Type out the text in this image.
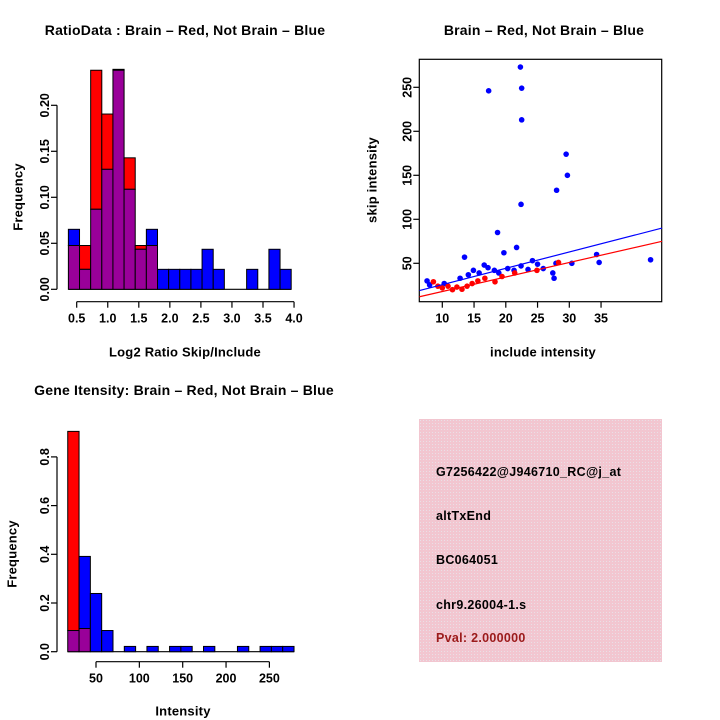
0.5 1.0 1.5 2.0 2.5 3.0 3.5 4.0
0.00
0.05
0.10
0.15
0.20
10 15 20 25 30 35
50
100
150
200
250
50 100 150 200 250
0.0
0.2
0.4
0.6
0.8
RatioData : Brain – Red, Not Brain – Blue	Brain – Red, Not Brain – Blue
Gene Itensity: Brain – Red, Not Brain – Blue
Log2 Ratio Skip/Include	include intensity
Intensity
Frequency	skip intensity
Frequency
G7256422@J946710_RC@j_at
altTxEnd
BC064051
chr9.26004-1.s
Pval: 2.000000
